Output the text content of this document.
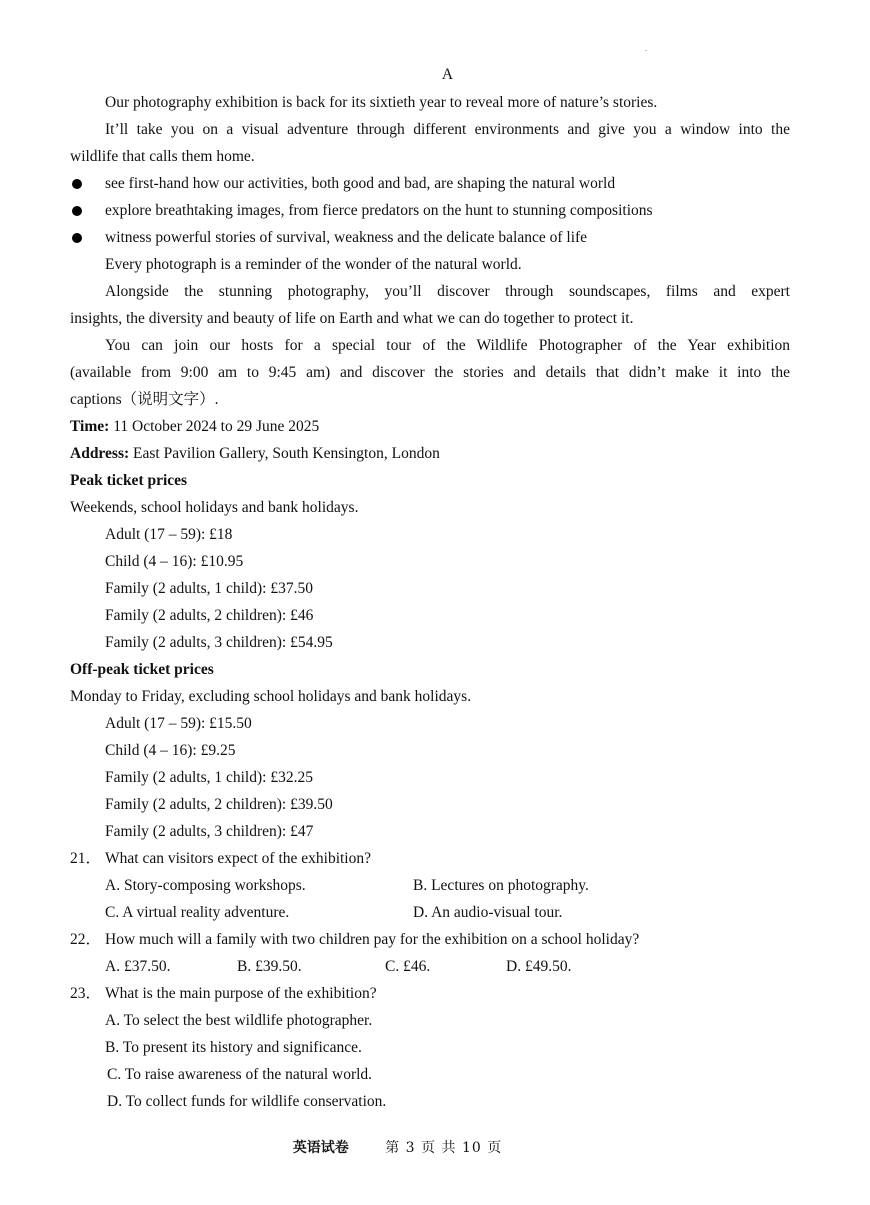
.
A
Our photography exhibition is back for its sixtieth year to reveal more of nature’s stories.
It’ll take you on a visual adventure through different environments and give you a window into the
wildlife that calls them home.
see first-hand how our activities, both good and bad, are shaping the natural world
explore breathtaking images, from fierce predators on the hunt to stunning compositions
witness powerful stories of survival, weakness and the delicate balance of life
Every photograph is a reminder of the wonder of the natural world.
Alongside the stunning photography, you’ll discover through soundscapes, films and expert
insights, the diversity and beauty of life on Earth and what we can do together to protect it.
You can join our hosts for a special tour of the Wildlife Photographer of the Year exhibition
(available from 9:00 am to 9:45 am) and discover the stories and details that didn’t make it into the
captions（说明文字）.
Time: 11 October 2024 to 29 June 2025
Address: East Pavilion Gallery, South Kensington, London
Peak ticket prices
Weekends, school holidays and bank holidays.
Adult (17 – 59): £18
Child (4 – 16): £10.95
Family (2 adults, 1 child): £37.50
Family (2 adults, 2 children): £46
Family (2 adults, 3 children): £54.95
Off-peak ticket prices
Monday to Friday, excluding school holidays and bank holidays.
Adult (17 – 59): £15.50
Child (4 – 16): £9.25
Family (2 adults, 1 child): £32.25
Family (2 adults, 2 children): £39.50
Family (2 adults, 3 children): £47
21． What can visitors expect of the exhibition?
A. Story-composing workshops.	B. Lectures on photography.
C. A virtual reality adventure.	D. An audio-visual tour.
22． How much will a family with two children pay for the exhibition on a school holiday?
A. £37.50.	B. £39.50.	C. £46.	D. £49.50.
23． What is the main purpose of the exhibition?
A. To select the best wildlife photographer.
B. To present its history and significance.
C. To raise awareness of the natural world.
D. To collect funds for wildlife conservation.
英语试卷	第 3 页 共 10 页
